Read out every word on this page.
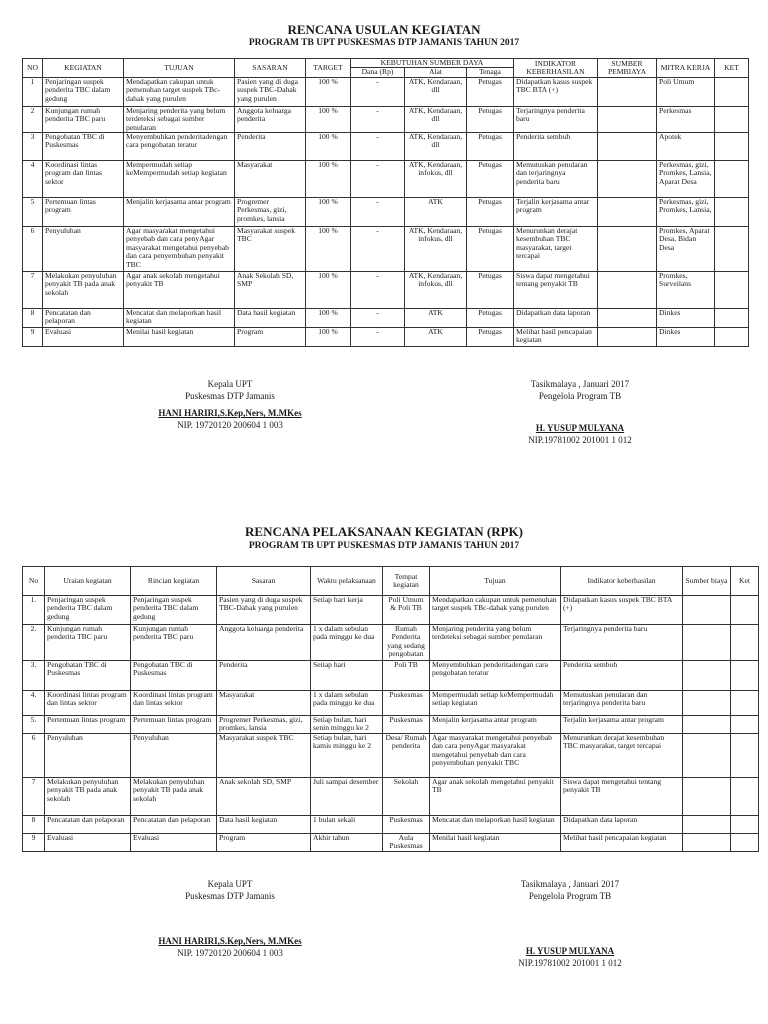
RENCANA USULAN KEGIATAN
PROGRAM TB UPT PUSKESMAS DTP JAMANIS TAHUN 2017
NO	KEGIATAN	TUJUAN	SASARAN	TARGET	KEBUTUHAN SUMBER DAYA			INDIKATOR KEBERHASILAN	SUMBER PEMBIAYA	MITRA KERJA	KET
					Dana (Rp)	Alat	Tenaga				
1	Penjaringan suspek penderita TBC dalam gedung	Mendapatkan cakupan untuk pemenuhan target suspek TBc-dahak yang purulen	Pasien yang di duga suspek TBC-Dahak yang purulen	100 %	-	ATK, Kendaraan, dll	Petugas	Didapatkan kasus suspek TBC BTA (+)		Poli Umum	
2	Kunjungan rumah penderita TBC paru	Menjaring penderita yang belum terdeteksi sebagai sumber penularan	Anggota keluarga penderita	100 %	-	ATK, Kendaraan, dll	Petugas	Terjaringnya penderita baru		Perkesmas	
3	Pengobatan TBC di Puskesmas	Menyembuhkan penderitadengan cara pengobatan teratur	Penderita	100 %	-	ATK, Kendaraan, dll	Petugas	Penderita sembuh		Apotek	
4	Koordinasi lintas program dan lintas sektor	Mempermudah setiap keMempermudah setiap kegiatan	Masyarakat	100 %	-	ATK, Kendaraan, infokus, dll	Petugas	Memutuskan penularan dan terjaringnya penderita baru		Perkesmas, gizi, Promkes, Lansia, Aparat Desa	
5	Pertemuan lintas program	Menjalin kerjasama antar program	Progremer Perkesmas, gizi, promkes, lansia	100 %	-	ATK	Petugas	Terjalin kerjasama antar program		Perkesmas, gizi, Promkes, Lansia,	
6	Penyuluhan	Agar masyarakat mengetahui penyebab dan cara penyAgar masyarakat mengetahui penyebab dan cara penyembuhan penyakit TBC	Masyarakat suspek TBC	100 %	-	ATK, Kendaraan, infokus, dll	Petugas	Menurunkan derajat kesembuhan TBC masyarakat, target tercapai		Promkes, Aparat Desa, Bidan Desa	
7	Melakukan penyuluhan penyakit TB pada anak sekolah	Agar anak sekolah mengetahui penyakit TB	Anak Sekolah SD, SMP	100 %	-	ATK, Kendaraan, infokus, dll	Petugas	Siswa dapat mengetahui tentang penyakit TB		Promkes, Surveilans	
8	Pencatatan dan pelaporan	Mencatat dan melaporkan hasil kegiatan	Data hasil kegiatan	100 %	-	ATK	Petugas	Didapatkan data laporan		Dinkes	
9	Evaluasi	Menilai hasil kegiatan	Program	100 %	-	ATK	Petugas	Melihat hasil pencapaian kegiatan		Dinkes	
Kepala UPT
Puskesmas DTP Jamanis
HANI HARIRI,S.Kep,Ners, M.MKes
NIP. 19720120 200604 1 003
Tasikmalaya , Januari 2017
Pengelola Program TB
H. YUSUP MULYANA
NIP.19781002 201001 1 012
RENCANA PELAKSANAAN KEGIATAN (RPK)
PROGRAM TB UPT PUSKESMAS DTP JAMANIS TAHUN 2017
No	Uraian kegiatan	Rincian kegiatan	Sasaran	Waktu pelaksanaan	Tempat kegiatan	Tujuan	Indikator keberhasilan	Sumber biaya	Ket
1.	Penjaringan suspek penderita TBC dalam gedung	Penjaringan suspek penderita TBC dalam gedung	Pasien yang di duga suspek TBC-Dahak yang purulen	Setiap hari kerja	Poli Umum & Poli TB	Mendapatkan cakupan untuk pemenuhan target suspek TBc-dahak yang purulen	Didapatkan kasus suspek TBC BTA (+)		
2.	Kunjungan rumah penderita TBC paru	Kunjungan rumah penderita TBC paru	Anggota keluarga penderita	1 x dalam sebulan pada minggu ke dua	Rumah Penderita yang sedang pengobatan	Menjaring penderita yang belum terdeteksi sebagai sumber penularan	Terjaringnya penderita baru		
3.	Pengobatan TBC di Puskesmas	Pengobatan TBC di Puskesmas	Penderita	Setiap hari	Poli TB	Menyembuhkan penderitadengan cara pengobatan teratur	Penderita sembuh		
4.	Koordinasi lintas program dan lintas sektor	Koordinasi lintas program dan lintas sektor	Masyarakat	1 x dalam sebulan pada minggu ke dua	Puskesmas	Mempermudah setiap keMempermudah setiap kegiatan	Memutuskan penularan dan terjaringnya penderita baru		
5.	Pertemuan lintas program	Pertemuan lintas program	Progremer Perkesmas, gizi, promkes, lansia	Setiap bulan, hari senin minggu ke 2	Puskesmas	Menjalin kerjasama antar program	Terjalin kerjasama antar program		
6	Penyuluhan	Penyuluhan	Masyarakat suspek TBC	Setiap bulan, hari kamis minggu ke 2	Desa/ Rumah penderita	Agar masyarakat mengetahui penyebab dan cara penyAgar masyarakat mengetahui penyebab dan cara penyembuhan penyakit TBC	Menurunkan derajat kesembuhan TBC masyarakat, target tercapai		
7	Melakukan penyuluhan penyakit TB pada anak sekolah	Melakukan penyuluhan penyakit TB pada anak sekolah	Anak sekolah SD, SMP	Juli sampai desember	Sekolah	Agar anak sekolah mengetahui penyakit TB	Siswa dapat mengetahui tentang penyakit TB		
8	Pencatatan dan pelaporan	Pencatatan dan pelaporan	Data hasil kegiatan	1 bulan sekali	Puskesmas	Mencatat dan melaporkan hasil kegiatan	Didapatkan data laporan		
9	Evaluasi	Evaluasi	Program	Akhir tahun	Aula Puskesmas	Menilai hasil kegiatan	Melihat hasil pencapaian kegiatan		
Kepala UPT
Puskesmas DTP Jamanis
HANI HARIRI,S.Kep,Ners, M.MKes
NIP. 19720120 200604 1 003
Tasikmalaya , Januari 2017
Pengelola Program TB
H. YUSUP MULYANA
NIP.19781002 201001 1 012
